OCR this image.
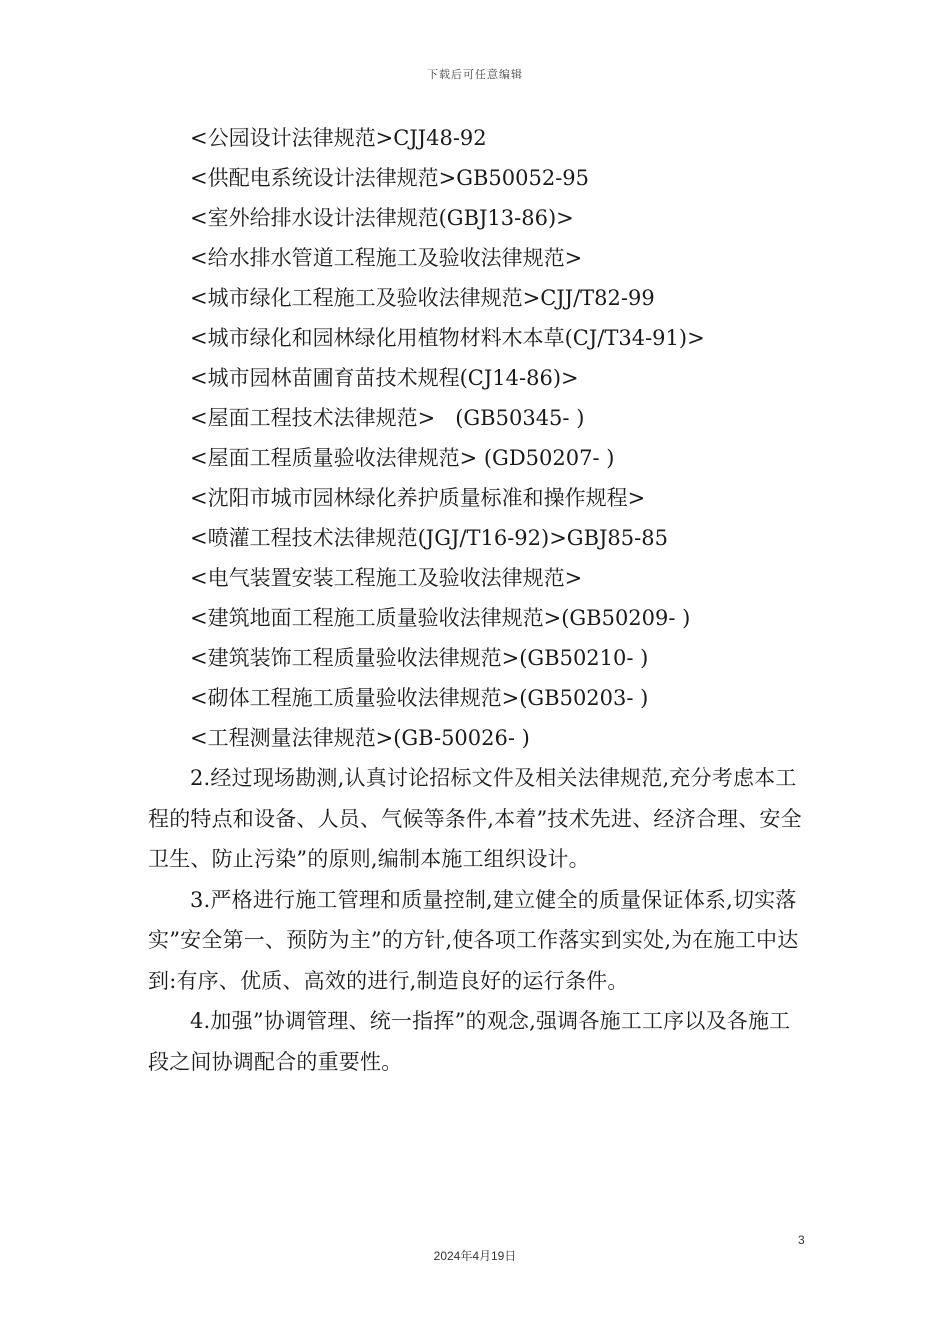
下载后可任意编辑
<公园设计法律规范>CJJ48-92
<供配电系统设计法律规范>GB50052-95
<室外给排水设计法律规范(GBJ13-86)>
<给水排水管道工程施工及验收法律规范>
<城市绿化工程施工及验收法律规范>CJJ/T82-99
<城市绿化和园林绿化用植物材料木本草(CJ/T34-91)>
<城市园林苗圃育苗技术规程(CJ14-86)>
<屋面工程技术法律规范>   (GB50345- )
<屋面工程质量验收法律规范> (GD50207- )
<沈阳市城市园林绿化养护质量标准和操作规程>
<喷灌工程技术法律规范(JGJ/T16-92)>GBJ85-85
<电气装置安装工程施工及验收法律规范>
<建筑地面工程施工质量验收法律规范>(GB50209- )
<建筑装饰工程质量验收法律规范>(GB50210- )
<砌体工程施工质量验收法律规范>(GB50203- )
<工程测量法律规范>(GB-50026- )

2.经过现场勘测,认真讨论招标文件及相关法律规范,充分考虑本工程的特点和设备、人员、气候等条件,本着”技术先进、经济合理、安全卫生、防止污染”的原则,编制本施工组织设计。

3.严格进行施工管理和质量控制,建立健全的质量保证体系,切实落实”安全第一、预防为主”的方针,使各项工作落实到实处,为在施工中达到:有序、优质、高效的进行,制造良好的运行条件。

4.加强”协调管理、统一指挥”的观念,强调各施工工序以及各施工段之间协调配合的重要性。

3
2024年4月19日
